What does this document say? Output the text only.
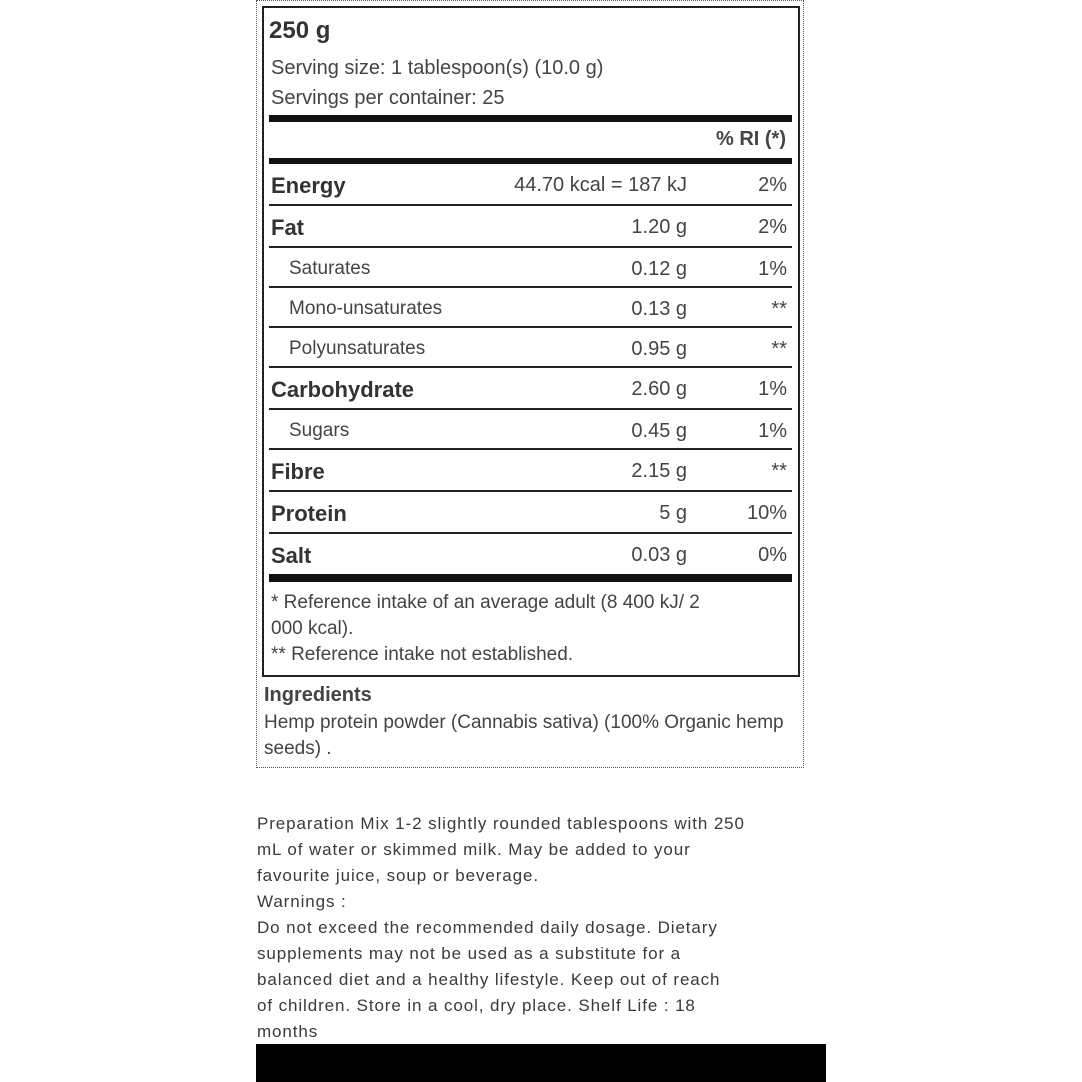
250 g
Serving size: 1 tablespoon(s) (10.0 g)
Servings per container: 25
% RI (*)
Energy	44.70 kcal = 187 kJ	2%
Fat	1.20 g	2%
Saturates	0.12 g	1%
Mono-unsaturates	0.13 g	**
Polyunsaturates	0.95 g	**
Carbohydrate	2.60 g	1%
Sugars	0.45 g	1%
Fibre	2.15 g	**
Protein	5 g	10%
Salt	0.03 g	0%
* Reference intake of an average adult (8 400 kJ/ 2
000 kcal).
** Reference intake not established.
Ingredients
Hemp protein powder (Cannabis sativa) (100% Organic hemp seeds) .
Preparation Mix 1-2 slightly rounded tablespoons with 250
mL of water or skimmed milk. May be added to your
favourite juice, soup or beverage.
Warnings :
Do not exceed the recommended daily dosage. Dietary
supplements may not be used as a substitute for a
balanced diet and a healthy lifestyle. Keep out of reach
of children. Store in a cool, dry place. Shelf Life : 18
months
